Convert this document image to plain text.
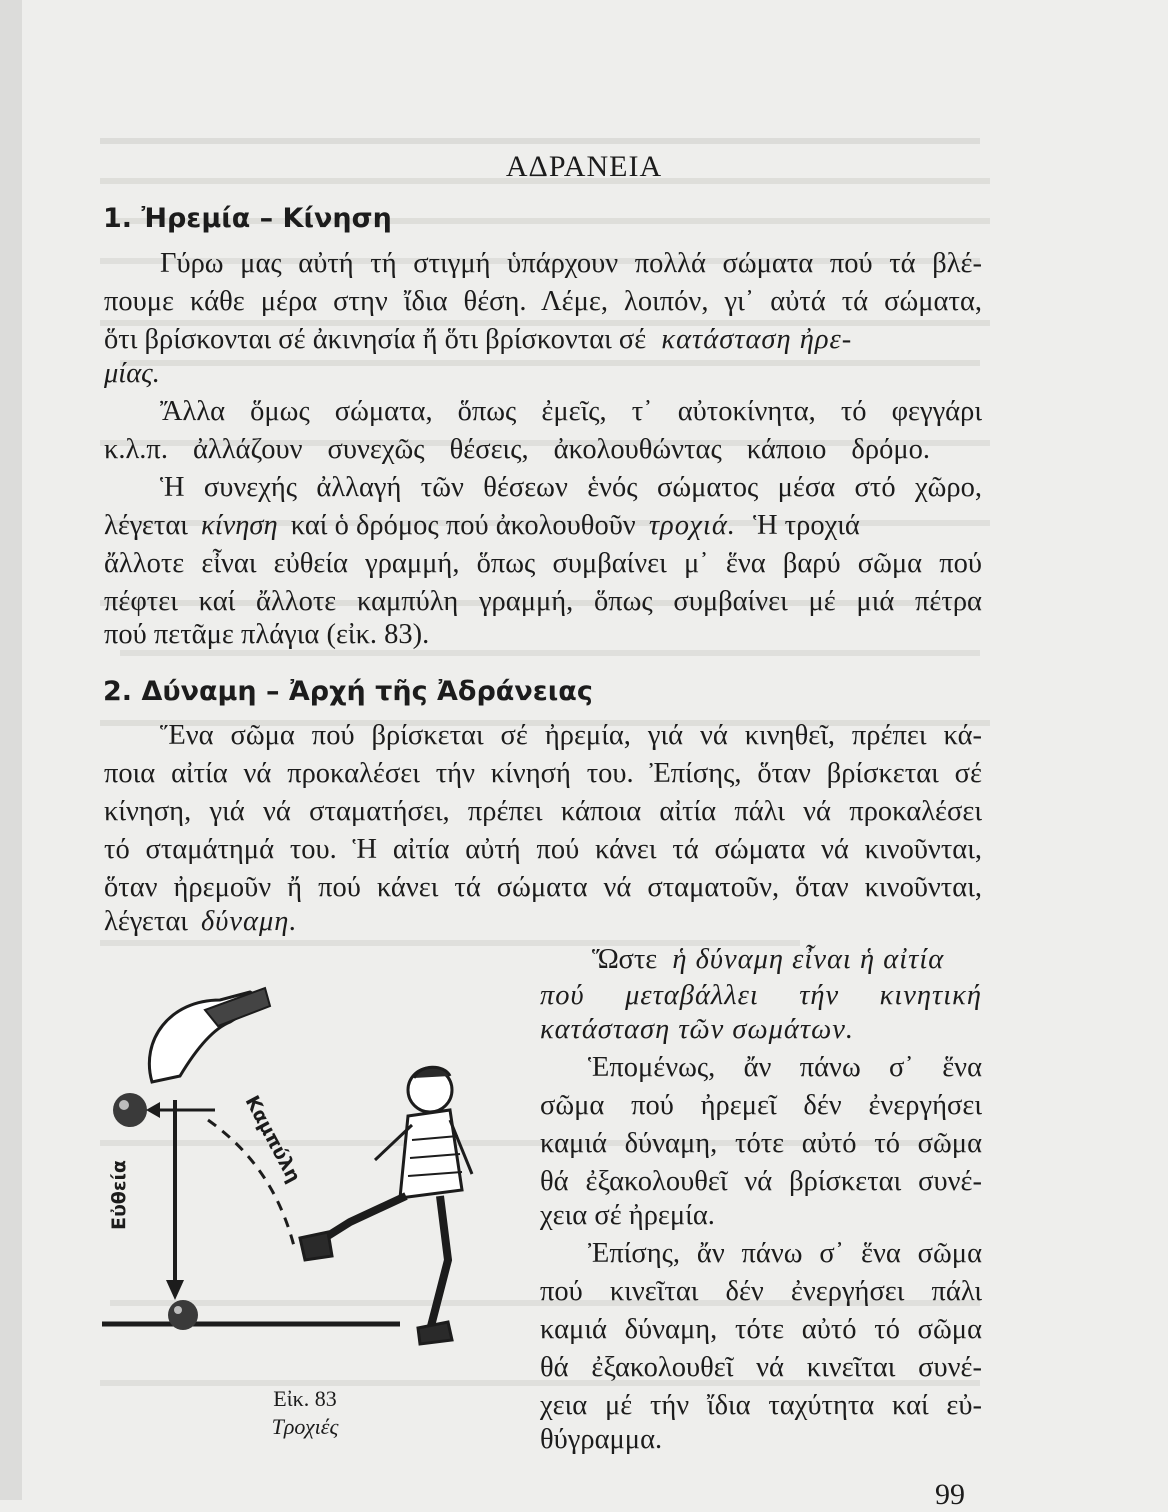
ΑΔΡΑΝΕΙΑ
1. Ἠρεμία – Κίνηση
Γύρω μας αὐτή τή στιγμή ὑπάρχουν πολλά σώματα πού τά βλέ-
πουμε κάθε μέρα στην ἴδια θέση. Λέμε, λοιπόν, γι᾽ αὐτά τά σώματα,
ὅτι βρίσκονται σέ ἀκινησία ἤ ὅτι βρίσκονται σέ κατάσταση ἠρε-
μίας.
Ἄλλα ὅμως σώματα, ὅπως ἐμεῖς, τ᾽ αὐτοκίνητα, τό φεγγάρι
κ.λ.π. ἀλλάζουν συνεχῶς θέσεις, ἀκολουθώντας κάποιο δρόμο.
Ἡ συνεχής ἀλλαγή τῶν θέσεων ἑνός σώματος μέσα στό χῶρο,
λέγεται κίνηση καί ὁ δρόμος πού ἀκολουθοῦν τροχιά. Ἡ τροχιά
ἄλλοτε εἶναι εὐθεία γραμμή, ὅπως συμβαίνει μ᾽ ἕνα βαρύ σῶμα πού
πέφτει καί ἄλλοτε καμπύλη γραμμή, ὅπως συμβαίνει μέ μιά πέτρα
πού πετᾶμε πλάγια (εἰκ. 83).
2. Δύναμη – Ἀρχή τῆς Ἀδράνειας
Ἕνα σῶμα πού βρίσκεται σέ ἠρεμία, γιά νά κινηθεῖ, πρέπει κά-
ποια αἰτία νά προκαλέσει τήν κίνησή του. Ἐπίσης, ὅταν βρίσκεται σέ
κίνηση, γιά νά σταματήσει, πρέπει κάποια αἰτία πάλι νά προκαλέσει
τό σταμάτημά του. Ἡ αἰτία αὐτή πού κάνει τά σώματα νά κινοῦνται,
ὅταν ἠρεμοῦν ἤ πού κάνει τά σώματα νά σταματοῦν, ὅταν κινοῦνται,
λέγεται δύναμη.
Ὥστε ἡ δύναμη εἶναι ἡ αἰτία
πού μεταβάλλει τήν κινητική
κατάσταση τῶν σωμάτων.
Ἑπομένως, ἄν πάνω σ᾽ ἕνα
σῶμα πού ἠρεμεῖ δέν ἐνεργήσει
καμιά δύναμη, τότε αὐτό τό σῶμα
θά ἐξακολουθεῖ νά βρίσκεται συνέ-
χεια σέ ἠρεμία.
Ἐπίσης, ἄν πάνω σ᾽ ἕνα σῶμα
πού κινεῖται δέν ἐνεργήσει πάλι
καμιά δύναμη, τότε αὐτό τό σῶμα
θά ἐξακολουθεῖ νά κινεῖται συνέ-
χεια μέ τήν ἴδια ταχύτητα καί εὐ-
θύγραμμα.
Εὐθεία
Καμπύλη
Εἰκ. 83
Τροχιές
99
